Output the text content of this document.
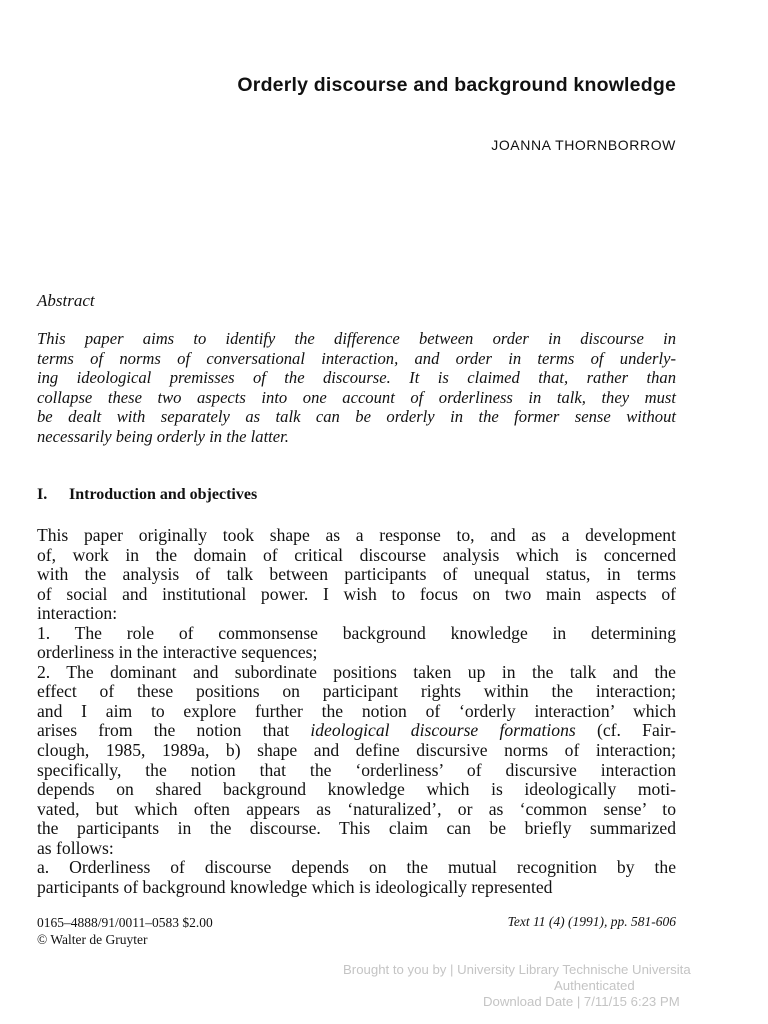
Orderly discourse and background knowledge
JOANNA THORNBORROW
Abstract
This paper aims to identify the difference between order in discourse in
terms of norms of conversational interaction, and order in terms of underly-
ing ideological premisses of the discourse. It is claimed that, rather than
collapse these two aspects into one account of orderliness in talk, they must
be dealt with separately as talk can be orderly in the former sense without
necessarily being orderly in the latter.
I. Introduction and objectives
This paper originally took shape as a response to, and as a development
of, work in the domain of critical discourse analysis which is concerned
with the analysis of talk between participants of unequal status, in terms
of social and institutional power. I wish to focus on two main aspects of
interaction:
1. The role of commonsense background knowledge in determining
orderliness in the interactive sequences;
2. The dominant and subordinate positions taken up in the talk and the
effect of these positions on participant rights within the interaction;
and I aim to explore further the notion of ‘orderly interaction’ which
arises from the notion that ideological discourse formations (cf. Fair-
clough, 1985, 1989a, b) shape and define discursive norms of interaction;
specifically, the notion that the ‘orderliness’ of discursive interaction
depends on shared background knowledge which is ideologically moti-
vated, but which often appears as ‘naturalized’, or as ‘common sense’ to
the participants in the discourse. This claim can be briefly summarized
as follows:
a. Orderliness of discourse depends on the mutual recognition by the
participants of background knowledge which is ideologically represented
0165–4888/91/0011–0583 $2.00
© Walter de Gruyter
Text 11 (4) (1991), pp. 581-606
Brought to you by | University Library Technische Universita
Authenticated
Download Date | 7/11/15 6:23 PM
